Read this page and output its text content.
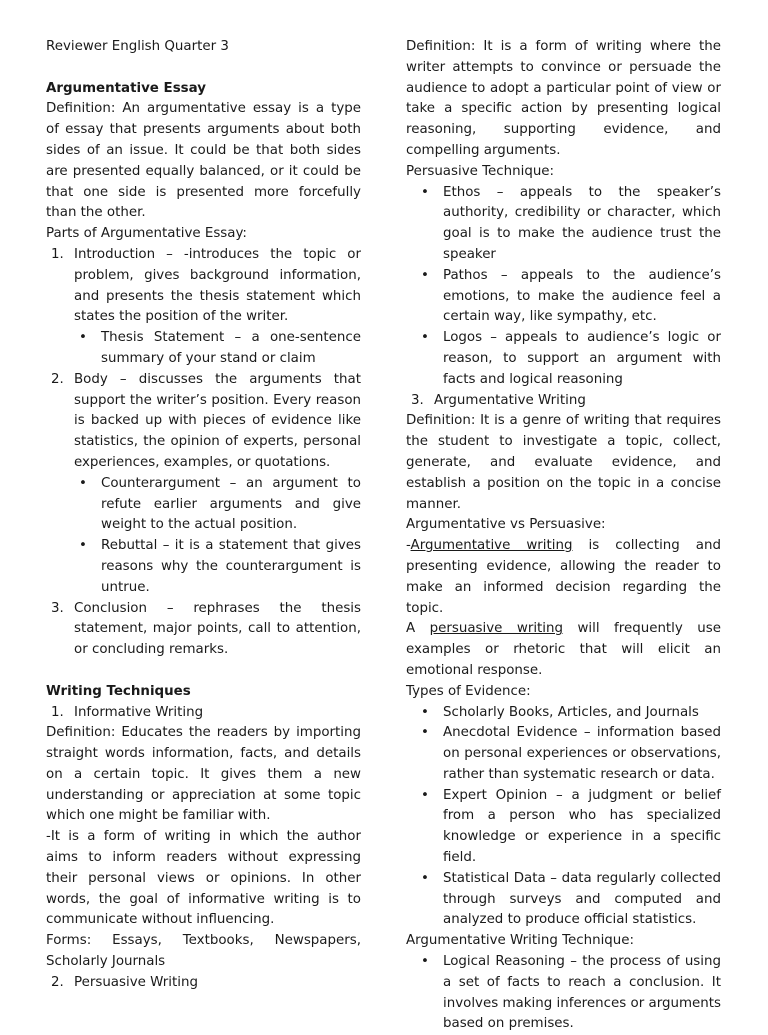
Reviewer English Quarter 3

Argumentative Essay

Definition: An argumentative essay is a type of essay that presents arguments about both sides of an issue. It could be that both sides are presented equally balanced, or it could be that one side is presented more forcefully than the other.

Parts of Argumentative Essay:

1. Introduction – -introduces the topic or problem, gives background information, and presents the thesis statement which states the position of the writer.

• Thesis Statement – a one-sentence summary of your stand or claim

2. Body – discusses the arguments that support the writer’s position. Every reason is backed up with pieces of evidence like statistics, the opinion of experts, personal experiences, examples, or quotations.

• Counterargument – an argument to refute earlier arguments and give weight to the actual position.

• Rebuttal – it is a statement that gives reasons why the counterargument is untrue.

3. Conclusion – rephrases the thesis statement, major points, call to attention, or concluding remarks.

Writing Techniques

1. Informative Writing

Definition: Educates the readers by importing straight words information, facts, and details on a certain topic. It gives them a new understanding or appreciation at some topic which one might be familiar with.

-It is a form of writing in which the author aims to inform readers without expressing their personal views or opinions. In other words, the goal of informative writing is to communicate without influencing.

Forms: Essays, Textbooks, Newspapers, Scholarly Journals

2. Persuasive Writing

Definition: It is a form of writing where the writer attempts to convince or persuade the audience to adopt a particular point of view or take a specific action by presenting logical reasoning, supporting evidence, and compelling arguments.

Persuasive Technique:

• Ethos – appeals to the speaker’s authority, credibility or character, which goal is to make the audience trust the speaker

• Pathos – appeals to the audience’s emotions, to make the audience feel a certain way, like sympathy, etc.

• Logos – appeals to audience’s logic or reason, to support an argument with facts and logical reasoning

3. Argumentative Writing

Definition: It is a genre of writing that requires the student to investigate a topic, collect, generate, and evaluate evidence, and establish a position on the topic in a concise manner.

Argumentative vs Persuasive:

-Argumentative writing is collecting and presenting evidence, allowing the reader to make an informed decision regarding the topic.

A persuasive writing will frequently use examples or rhetoric that will elicit an emotional response.

Types of Evidence:

• Scholarly Books, Articles, and Journals

• Anecdotal Evidence – information based on personal experiences or observations, rather than systematic research or data.

• Expert Opinion – a judgment or belief from a person who has specialized knowledge or experience in a specific field.

• Statistical Data – data regularly collected through surveys and computed and analyzed to produce official statistics.

Argumentative Writing Technique:

• Logical Reasoning – the process of using a set of facts to reach a conclusion. It involves making inferences or arguments based on premises.
